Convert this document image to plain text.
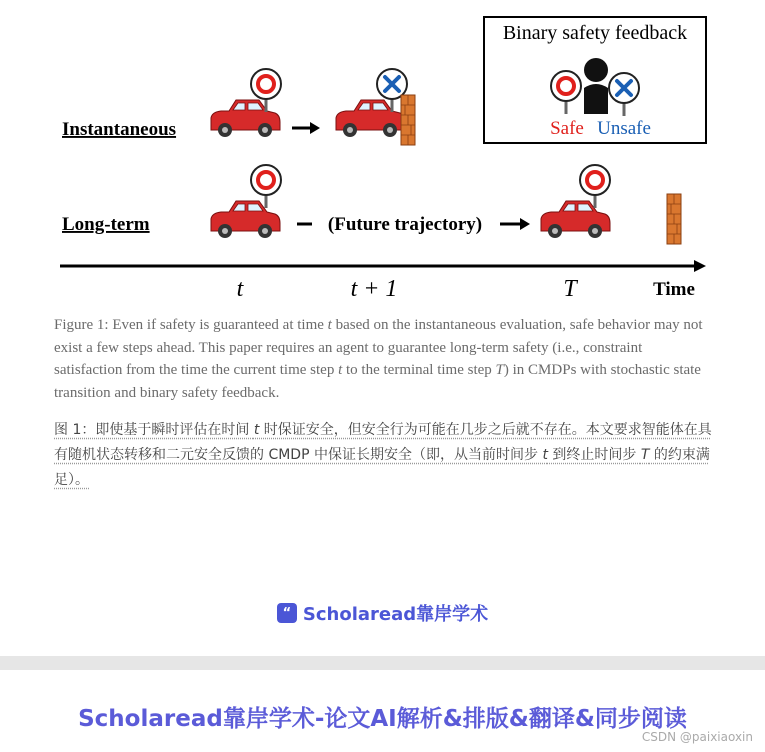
Binary safety feedback
Safe Unsafe
Instantaneous
Long-term	(Future trajectory)
t	t + 1	T	Time
Figure 1: Even if safety is guaranteed at time t based on the instantaneous evaluation, safe behavior may not exist a few steps ahead. This paper requires an agent to guarantee long-term safety (i.e., constraint satisfaction from the time the current time step t to the terminal time step T) in CMDPs with stochastic state transition and binary safety feedback.
图 1：即使基于瞬时评估在时间 t 时保证安全，但安全行为可能在几步之后就不存在。本文要求智能体在具有随机状态转移和二元安全反馈的 CMDP 中保证长期安全（即，从当前时间步 t 到终止时间步 T 的约束满足）。
“ Scholaread靠岸学术
Scholaread靠岸学术-论文AI解析&排版&翻译&同步阅读
CSDN @paixiaoxin
